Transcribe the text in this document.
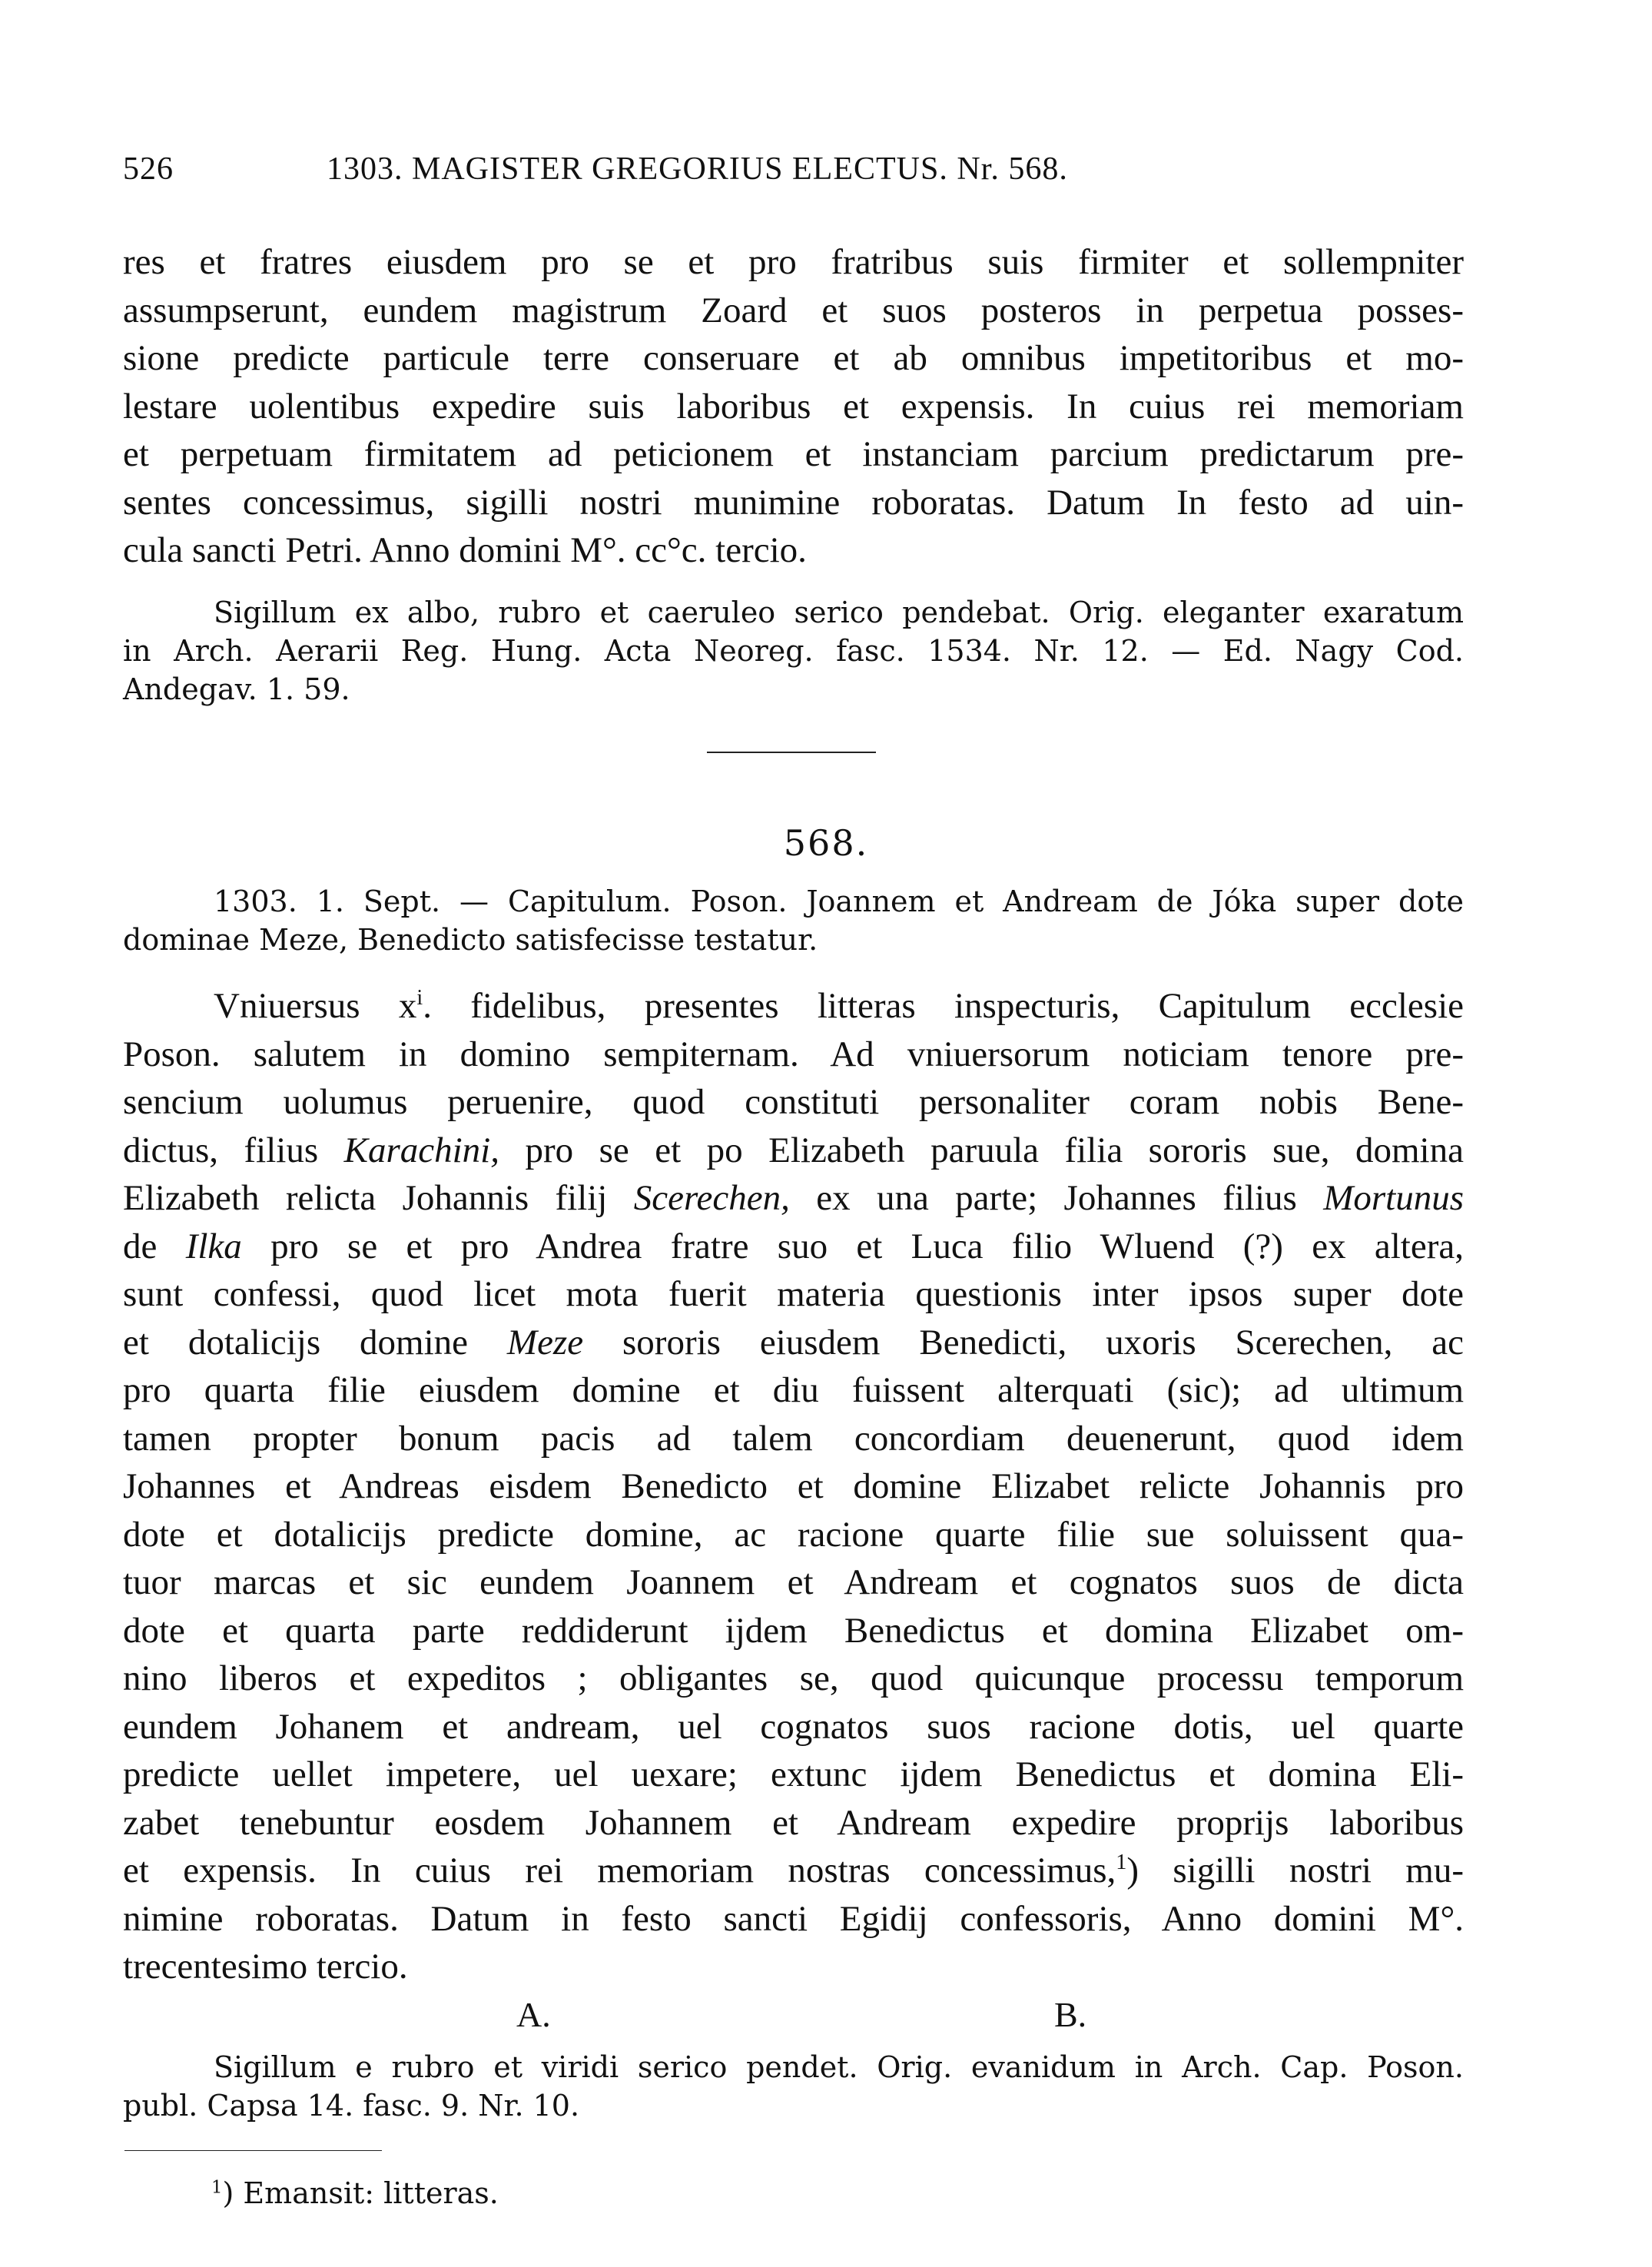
526	1303. MAGISTER GREGORIUS ELECTUS. Nr. 568.
res et fratres eiusdem pro se et pro fratribus suis firmiter et sollempniter
assumpserunt, eundem magistrum Zoard et suos posteros in perpetua posses-
sione predicte particule terre conseruare et ab omnibus impetitoribus et mo-
lestare uolentibus expedire suis laboribus et expensis. In cuius rei memoriam
et perpetuam firmitatem ad peticionem et instanciam parcium predictarum pre-
sentes concessimus, sigilli nostri munimine roboratas. Datum In festo ad uin-
cula sancti Petri. Anno domini M°. cc°c. tercio.
Sigillum ex albo, rubro et caeruleo serico pendebat. Orig. eleganter exaratum
in Arch. Aerarii Reg. Hung. Acta Neoreg. fasc. 1534. Nr. 12. — Ed. Nagy Cod.
Andegav. 1. 59.
568.
1303. 1. Sept. — Capitulum. Poson. Joannem et Andream de Jóka super dote
dominae Meze, Benedicto satisfecisse testatur.
Vniuersus $x^i$. fidelibus, presentes litteras inspecturis, Capitulum ecclesie
Poson. salutem in domino sempiternam. Ad vniuersorum noticiam tenore pre-
sencium uolumus peruenire, quod constituti personaliter coram nobis Bene-
dictus, filius Karachini, pro se et po Elizabeth paruula filia sororis sue, domina
Elizabeth relicta Johannis filij Scerechen, ex una parte; Johannes filius Mortunus
de Ilka pro se et pro Andrea fratre suo et Luca filio Wluend (?) ex altera,
sunt confessi, quod licet mota fuerit materia questionis inter ipsos super dote
et dotalicijs domine Meze sororis eiusdem Benedicti, uxoris Scerechen, ac
pro quarta filie eiusdem domine et diu fuissent alterquati (sic); ad ultimum
tamen propter bonum pacis ad talem concordiam deuenerunt, quod idem
Johannes et Andreas eisdem Benedicto et domine Elizabet relicte Johannis pro
dote et dotalicijs predicte domine, ac racione quarte filie sue soluissent qua-
tuor marcas et sic eundem Joannem et Andream et cognatos suos de dicta
dote et quarta parte reddiderunt ijdem Benedictus et domina Elizabet om-
nino liberos et expeditos ; obligantes se, quod quicunque processu temporum
eundem Johanem et andream, uel cognatos suos racione dotis, uel quarte
predicte uellet impetere, uel uexare; extunc ijdem Benedictus et domina Eli-
zabet tenebuntur eosdem Johannem et Andream expedire proprijs laboribus
et expensis. In cuius rei memoriam nostras concessimus,$^1$) sigilli nostri mu-
nimine roboratas. Datum in festo sancti Egidij confessoris, Anno domini M°.
trecentesimo tercio.
A.	B.
Sigillum e rubro et viridi serico pendet. Orig. evanidum in Arch. Cap. Poson.
publ. Capsa 14. fasc. 9. Nr. 10.
$^1$) Emansit: litteras.
